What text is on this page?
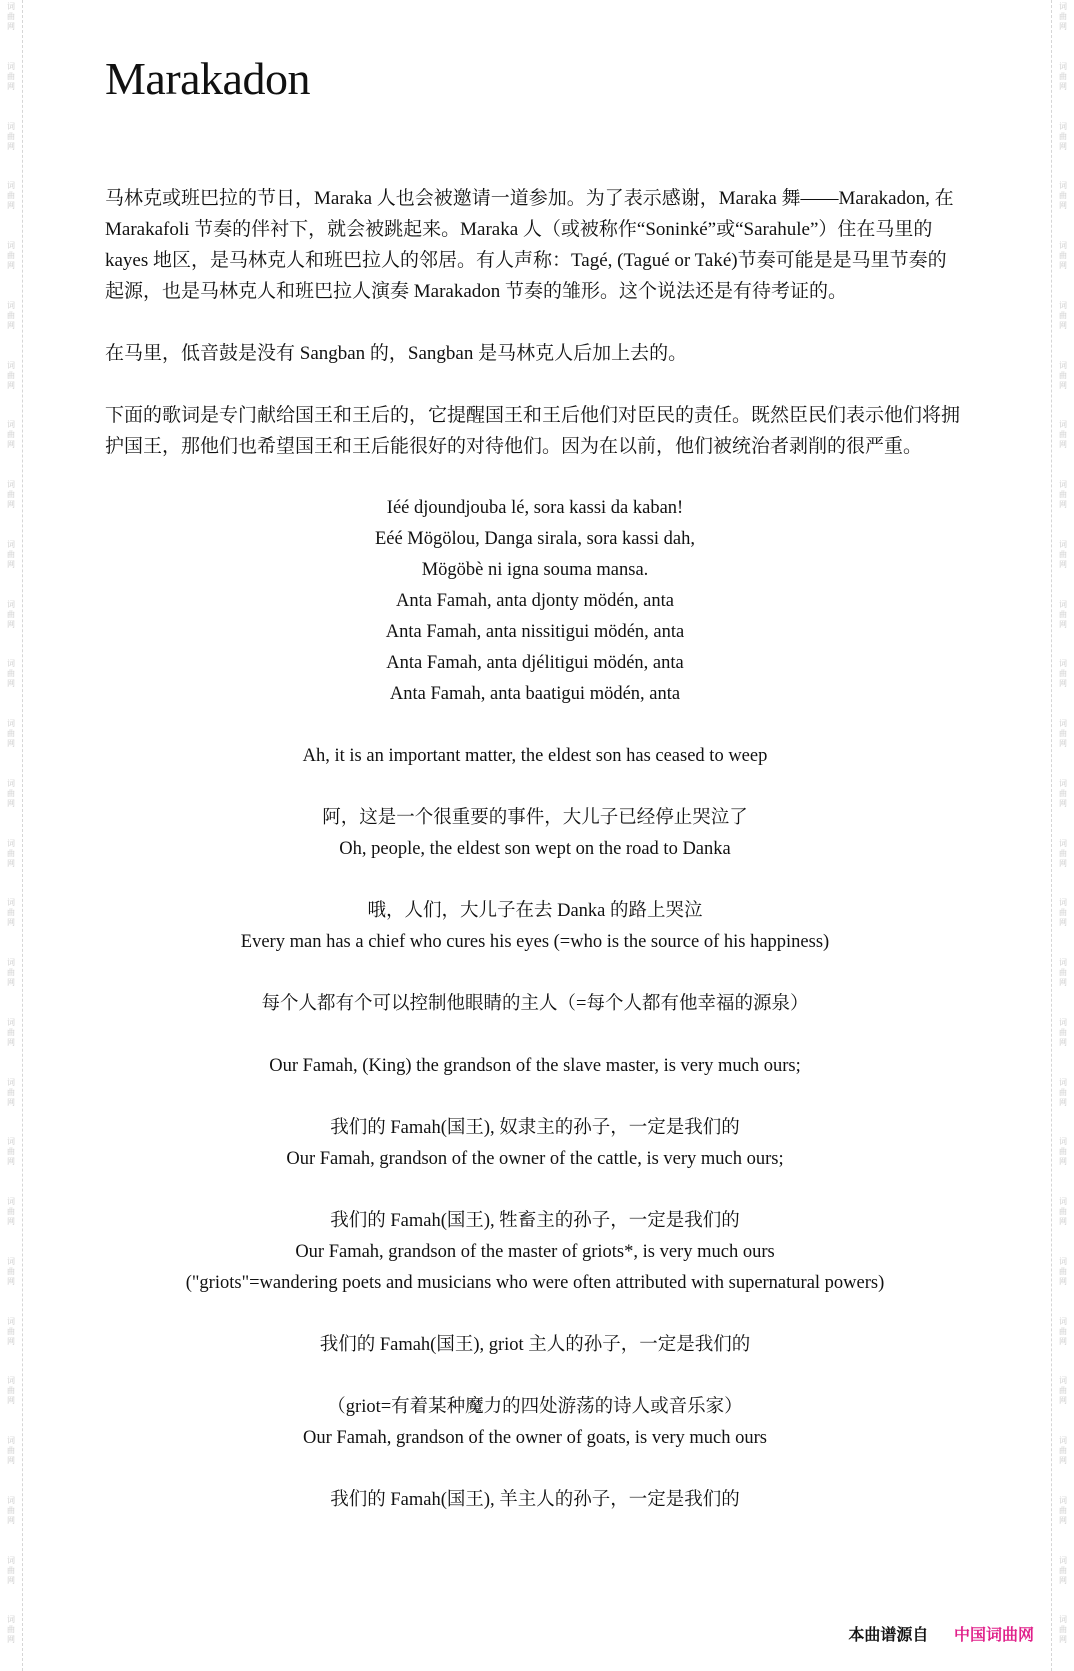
词
曲
网
词
曲
网
词
曲
网
词
曲
网
词
曲
网
词
曲
网
词
曲
网
词
曲
网
词
曲
网
词
曲
网
词
曲
网
词
曲
网
词
曲
网
词
曲
网
词
曲
网
词
曲
网
词
曲
网
词
曲
网
词
曲
网
词
曲
网
词
曲
网
词
曲
网
词
曲
网
词
曲
网
词
曲
网
词
曲
网
词
曲
网
词
曲
网
词
曲
网
词
曲
网
词
曲
网
词
曲
网
词
曲
网
词
曲
网
词
曲
网
词
曲
网
词
曲
网
词
曲
网
词
曲
网
词
曲
网
词
曲
网
词
曲
网
词
曲
网
词
曲
网
词
曲
网
词
曲
网
词
曲
网
词
曲
网
词
曲
网
词
曲
网
词
曲
网
词
曲
网
词
曲
网
词
曲
网
词
曲
网
词
曲
网
Marakadon

马林克或班巴拉的节日，Maraka 人也会被邀请一道参加。为了表示感谢，Maraka 舞——Marakadon, 在 Marakafoli 节奏的伴衬下，就会被跳起来。Maraka 人（或被称作“Soninké”或“Sarahule”）住在马里的 kayes 地区，是马林克人和班巴拉人的邻居。有人声称：Tagé, (Tagué or Také)节奏可能是是马里节奏的起源，也是马林克人和班巴拉人演奏 Marakadon 节奏的雏形。这个说法还是有待考证的。

在马里，低音鼓是没有 Sangban 的，Sangban 是马林克人后加上去的。

下面的歌词是专门献给国王和王后的，它提醒国王和王后他们对臣民的责任。既然臣民们表示他们将拥护国王，那他们也希望国王和王后能很好的对待他们。因为在以前，他们被统治者剥削的很严重。

Iéé djoundjouba lé, sora kassi da kaban!
Eéé Mögölou, Danga sirala, sora kassi dah,
Mögöbè ni igna souma mansa.
Anta Famah, anta djonty mödén, anta
Anta Famah, anta nissitigui mödén, anta
Anta Famah, anta djélitigui mödén, anta
Anta Famah, anta baatigui mödén, anta
Ah, it is an important matter, the eldest son has ceased to weep
阿，这是一个很重要的事件，大儿子已经停止哭泣了
Oh, people, the eldest son wept on the road to Danka
哦，人们，大儿子在去 Danka 的路上哭泣
Every man has a chief who cures his eyes (=who is the source of his happiness)
每个人都有个可以控制他眼睛的主人（=每个人都有他幸福的源泉）
Our Famah, (King) the grandson of the slave master, is very much ours;
我们的 Famah(国王), 奴隶主的孙子，一定是我们的
Our Famah, grandson of the owner of the cattle, is very much ours;
我们的 Famah(国王), 牲畜主的孙子，一定是我们的
Our Famah, grandson of the master of griots*, is very much ours
("griots"=wandering poets and musicians who were often attributed with supernatural powers)
我们的 Famah(国王), griot 主人的孙子，一定是我们的
（griot=有着某种魔力的四处游荡的诗人或音乐家）
Our Famah, grandson of the owner of goats, is very much ours
我们的 Famah(国王), 羊主人的孙子，一定是我们的
本曲谱源自 中国词曲网
